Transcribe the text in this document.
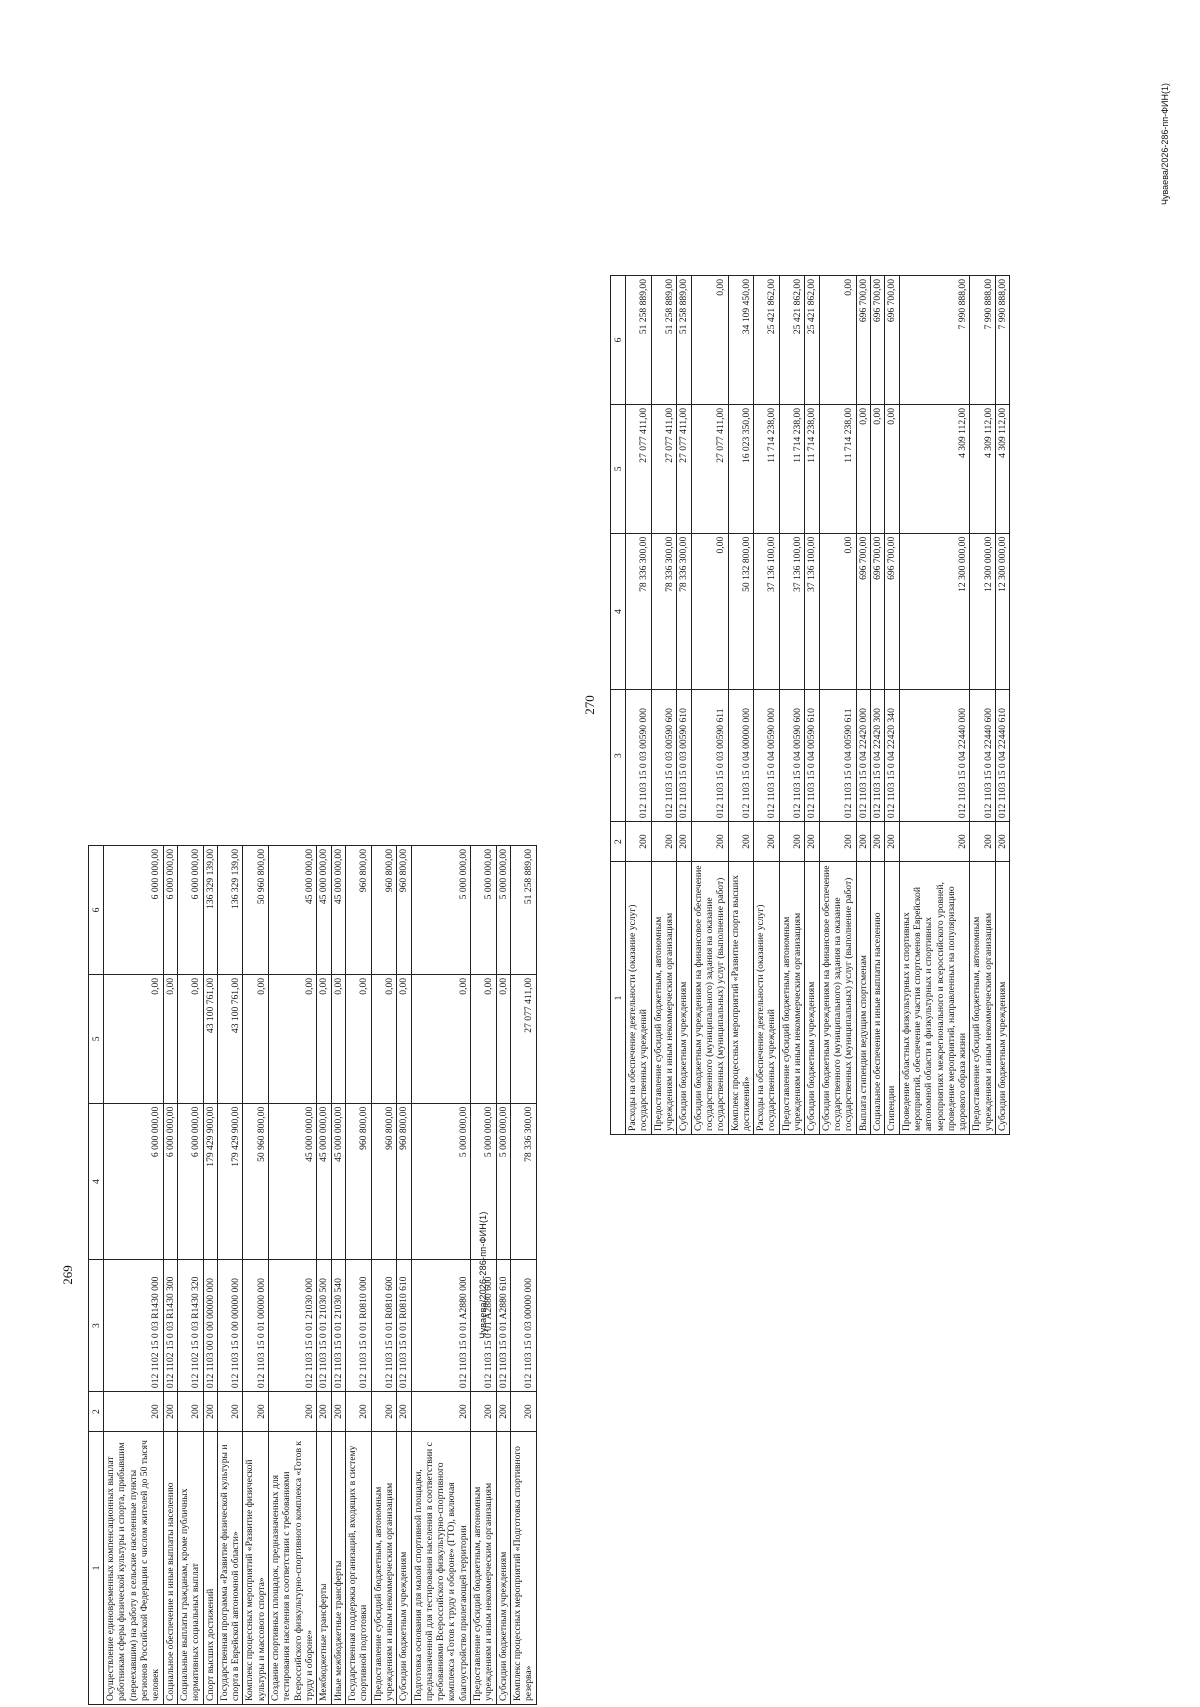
269
1	2	3	4	5	6
Осуществление единовременных компенсационных выплат работникам сферы физической культуры и спорта, прибывшим (переехавшим) на работу в сельские населенные пункты регионов Российской Федерации с числом жителей до 50 тысяч человек	200	012 1102 15 0 03 R1430 000	6 000 000,00	0,00	6 000 000,00
Социальное обеспечение и иные выплаты населению	200	012 1102 15 0 03 R1430 300	6 000 000,00	0,00	6 000 000,00
Социальные выплаты гражданам, кроме публичных нормативных социальных выплат	200	012 1102 15 0 03 R1430 320	6 000 000,00	0,00	6 000 000,00
Спорт высших достижений	200	012 1103 00 0 00 00000 000	179 429 900,00	43 100 761,00	136 329 139,00
Государственная программа «Развитие физической культуры и спорта в Еврейской автономной области»	200	012 1103 15 0 00 00000 000	179 429 900,00	43 100 761,00	136 329 139,00
Комплекс процессных мероприятий «Развитие физической культуры и массового спорта»	200	012 1103 15 0 01 00000 000	50 960 800,00	0,00	50 960 800,00
Создание спортивных площадок, предназначенных для тестирования населения в соответствии с требованиями Всероссийского физкультурно-спортивного комплекса «Готов к труду и обороне»	200	012 1103 15 0 01 21030 000	45 000 000,00	0,00	45 000 000,00
Межбюджетные трансферты	200	012 1103 15 0 01 21030 500	45 000 000,00	0,00	45 000 000,00
Иные межбюджетные трансферты	200	012 1103 15 0 01 21030 540	45 000 000,00	0,00	45 000 000,00
Государственная поддержка организаций, входящих в систему спортивной подготовки	200	012 1103 15 0 01 R0810 000	960 800,00	0,00	960 800,00
Предоставление субсидий бюджетным, автономным учреждениям и иным некоммерческим организациям	200	012 1103 15 0 01 R0810 600	960 800,00	0,00	960 800,00
Субсидии бюджетным учреждениям	200	012 1103 15 0 01 R0810 610	960 800,00	0,00	960 800,00
Подготовка основания для малой спортивной площадки, предназначенной для тестирования населения в соответствии с требованиями Всероссийского физкультурно-спортивного комплекса «Готов к труду и обороне» (ГТО), включая благоустройство прилегающей территории	200	012 1103 15 0 01 A2880 000	5 000 000,00	0,00	5 000 000,00
Предоставление субсидий бюджетным, автономным учреждениям и иным некоммерческим организациям	200	012 1103 15 0 01 A2880 600	5 000 000,00	0,00	5 000 000,00
Субсидии бюджетным учреждениям	200	012 1103 15 0 01 A2880 610	5 000 000,00	0,00	5 000 000,00
Комплекс процессных мероприятий «Подготовка спортивного резерва»	200	012 1103 15 0 03 00000 000	78 336 300,00	27 077 411,00	51 258 889,00
Чуваева/2026-286-пп-ФИН(1)
270
1	2	3	4	5	6
Расходы на обеспечение деятельности (оказание услуг) государственных учреждений	200	012 1103 15 0 03 00590 000	78 336 300,00	27 077 411,00	51 258 889,00
Предоставление субсидий бюджетным, автономным учреждениям и иным некоммерческим организациям	200	012 1103 15 0 03 00590 600	78 336 300,00	27 077 411,00	51 258 889,00
Субсидии бюджетным учреждениям	200	012 1103 15 0 03 00590 610	78 336 300,00	27 077 411,00	51 258 889,00
Субсидии бюджетным учреждениям на финансовое обеспечение государственного (муниципального) задания на оказание государственных (муниципальных) услуг (выполнение работ)	200	012 1103 15 0 03 00590 611	0,00	27 077 411,00	0,00
Комплекс процессных мероприятий «Развитие спорта высших достижений»	200	012 1103 15 0 04 00000 000	50 132 800,00	16 023 350,00	34 109 450,00
Расходы на обеспечение деятельности (оказание услуг) государственных учреждений	200	012 1103 15 0 04 00590 000	37 136 100,00	11 714 238,00	25 421 862,00
Предоставление субсидий бюджетным, автономным учреждениям и иным некоммерческим организациям	200	012 1103 15 0 04 00590 600	37 136 100,00	11 714 238,00	25 421 862,00
Субсидии бюджетным учреждениям	200	012 1103 15 0 04 00590 610	37 136 100,00	11 714 238,00	25 421 862,00
Субсидии бюджетным учреждениям на финансовое обеспечение государственного (муниципального) задания на оказание государственных (муниципальных) услуг (выполнение работ)	200	012 1103 15 0 04 00590 611	0,00	11 714 238,00	0,00
Выплата стипендии ведущим спортсменам	200	012 1103 15 0 04 22420 000	696 700,00	0,00	696 700,00
Социальное обеспечение и иные выплаты населению	200	012 1103 15 0 04 22420 300	696 700,00	0,00	696 700,00
Стипендии	200	012 1103 15 0 04 22420 340	696 700,00	0,00	696 700,00
Проведение областных физкультурных и спортивных мероприятий, обеспечение участия спортсменов Еврейской автономной области в физкультурных и спортивных мероприятиях межрегионального и всероссийского уровней, проведение мероприятий, направленных на популяризацию здорового образа жизни	200	012 1103 15 0 04 22440 000	12 300 000,00	4 309 112,00	7 990 888,00
Предоставление субсидий бюджетным, автономным учреждениям и иным некоммерческим организациям	200	012 1103 15 0 04 22440 600	12 300 000,00	4 309 112,00	7 990 888,00
Субсидии бюджетным учреждениям	200	012 1103 15 0 04 22440 610	12 300 000,00	4 309 112,00	7 990 888,00
Чуваева/2026-286-пп-ФИН(1)
